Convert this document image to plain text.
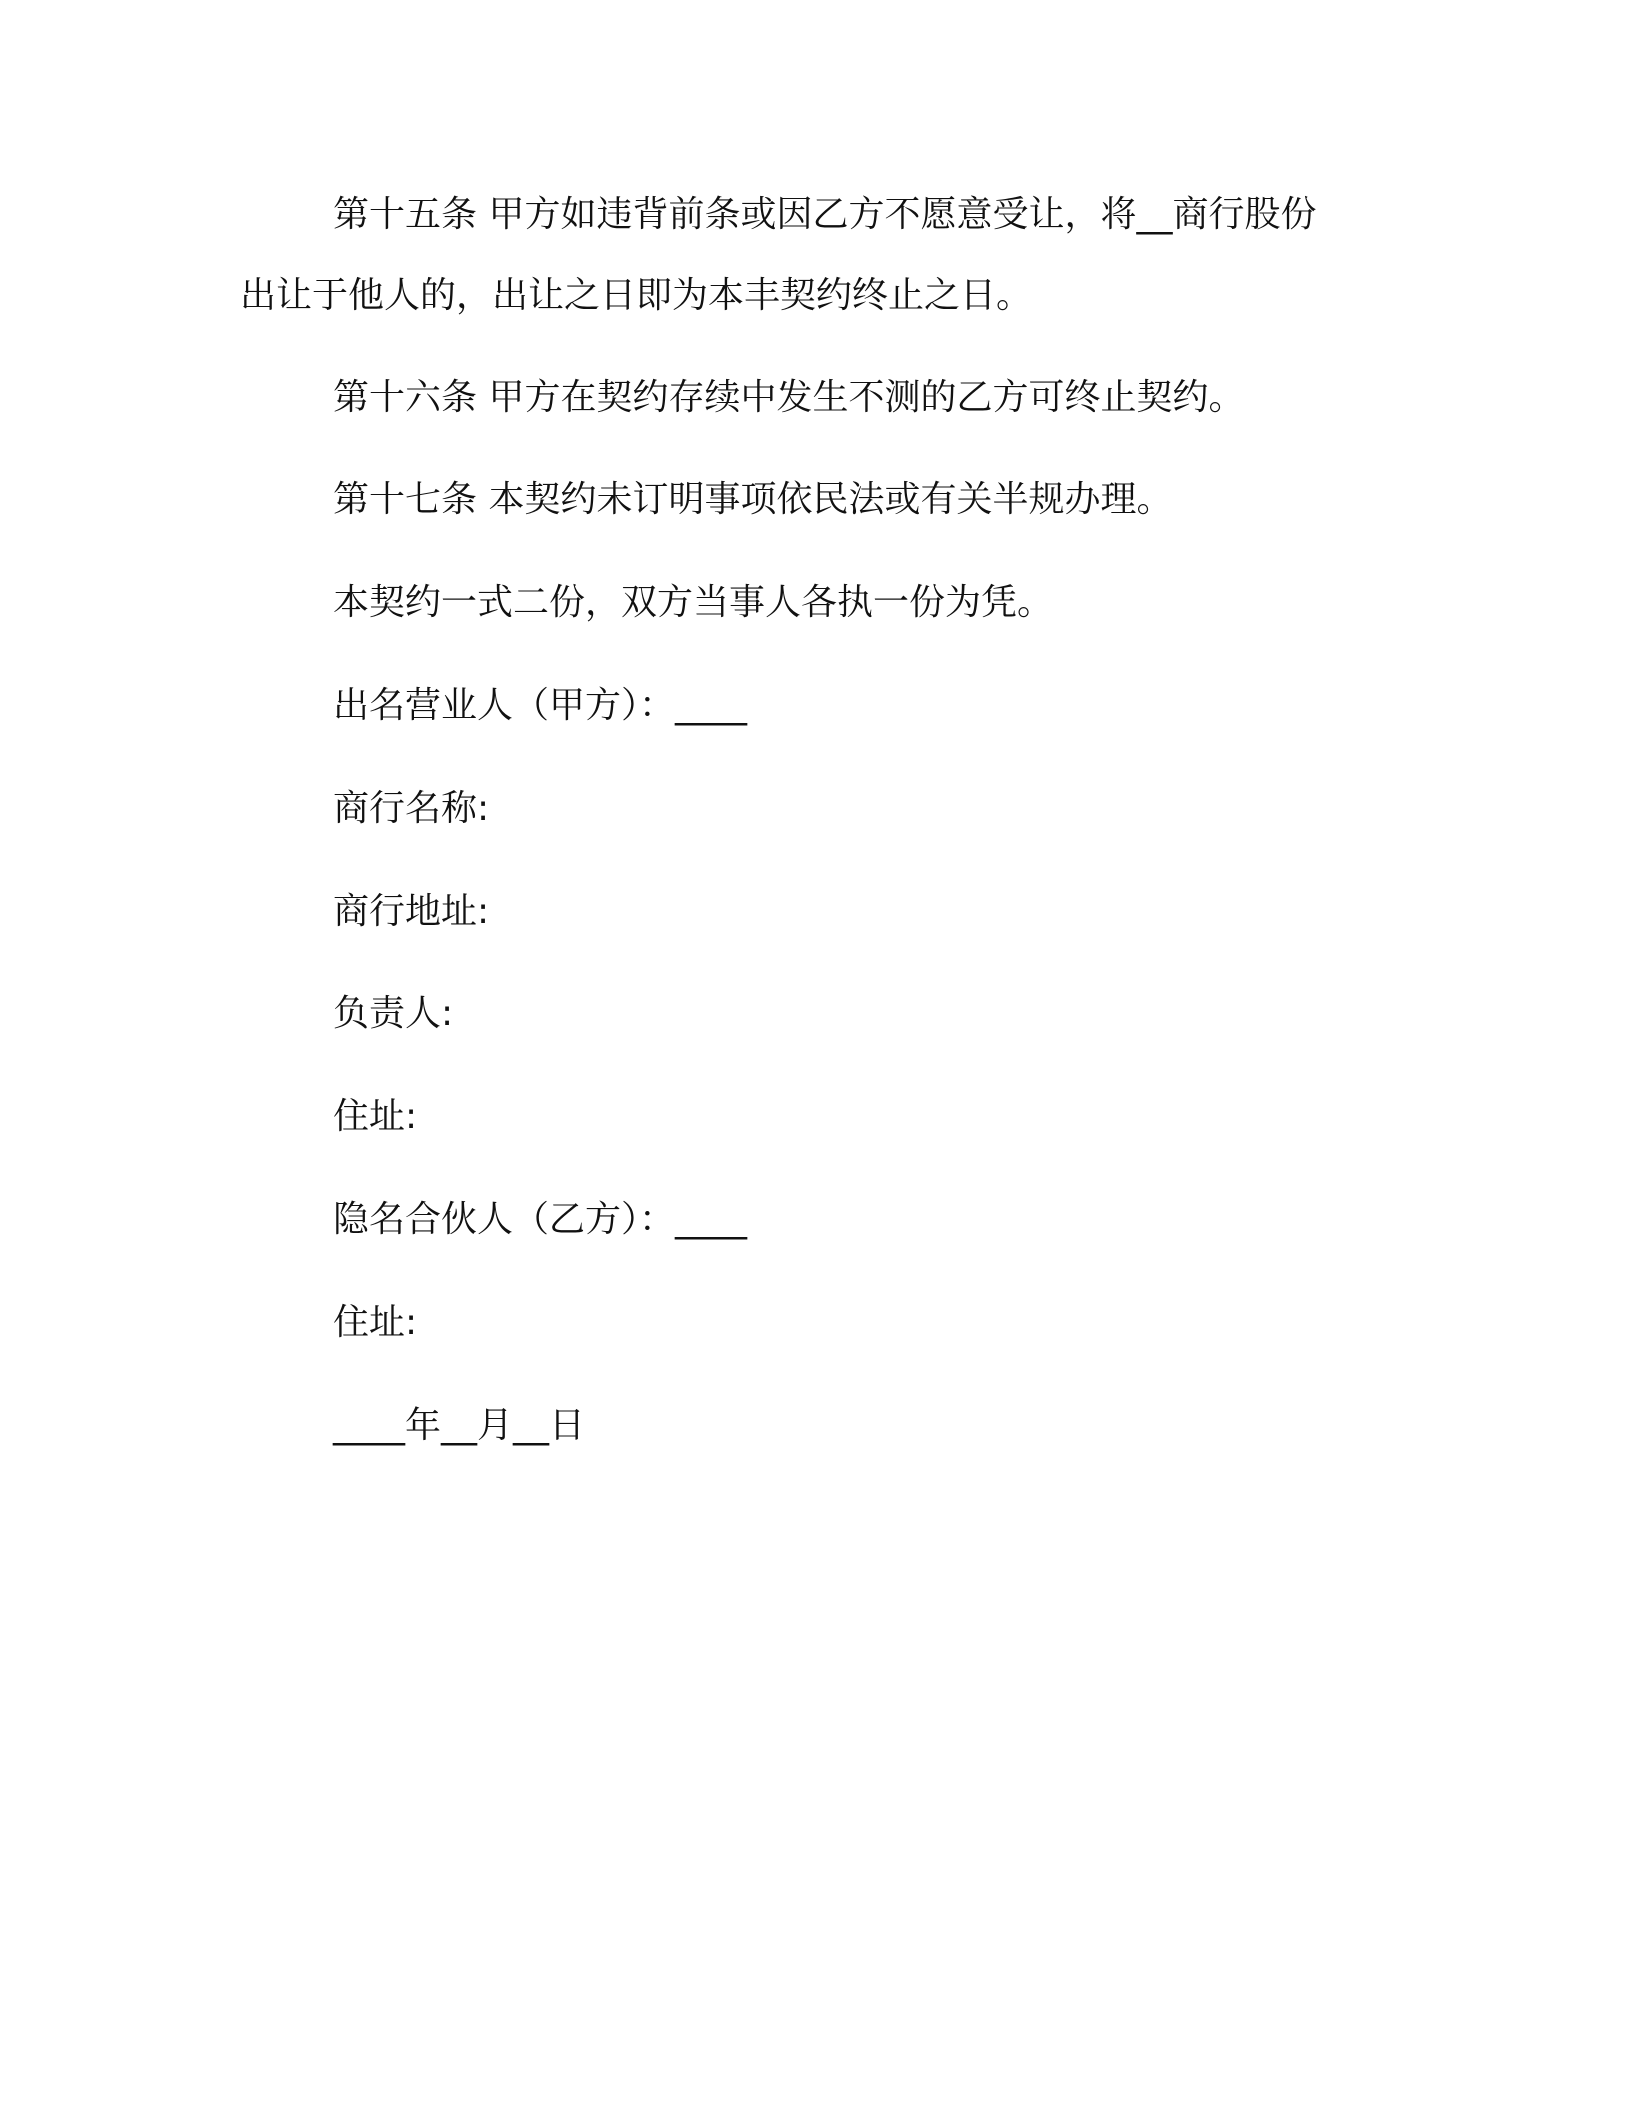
第十五条 甲方如违背前条或因乙方不愿意受让，将__商行股份
出让于他人的，出让之日即为本丰契约终止之日。
第十六条 甲方在契约存续中发生不测的乙方可终止契约。
第十七条 本契约未订明事项依民法或有关半规办理。
本契约一式二份，双方当事人各执一份为凭。
出名营业人（甲方）：____
商行名称:
商行地址:
负责人:
住址:
隐名合伙人（乙方）：____
住址:
____年__月__日
